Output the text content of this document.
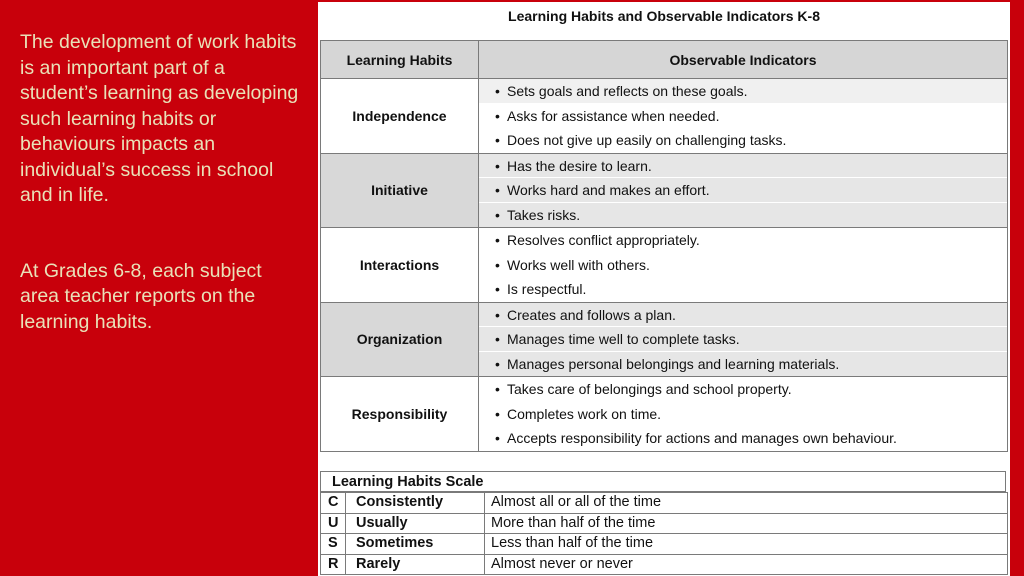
The development of work habits is an important part of a student’s learning as developing such learning habits or behaviours impacts an individual’s success in school and in life.

At Grades 6-8, each subject area teacher reports on the learning habits.

Learning Habits and Observable Indicators K-8
Learning Habits	Observable Indicators
Independence	• Sets goals and reflects on these goals.
• Asks for assistance when needed.
• Does not give up easily on challenging tasks.

Initiative	• Has the desire to learn.
• Works hard and makes an effort.
• Takes risks.

Interactions	• Resolves conflict appropriately.
• Works well with others.
• Is respectful.

Organization	• Creates and follows a plan.
• Manages time well to complete tasks.
• Manages personal belongings and learning materials.

Responsibility	• Takes care of belongings and school property.
• Completes work on time.
• Accepts responsibility for actions and manages own behaviour.
Learning Habits Scale
C	Consistently	Almost all or all of the time
U	Usually	More than half of the time
S	Sometimes	Less than half of the time
R	Rarely	Almost never or never
